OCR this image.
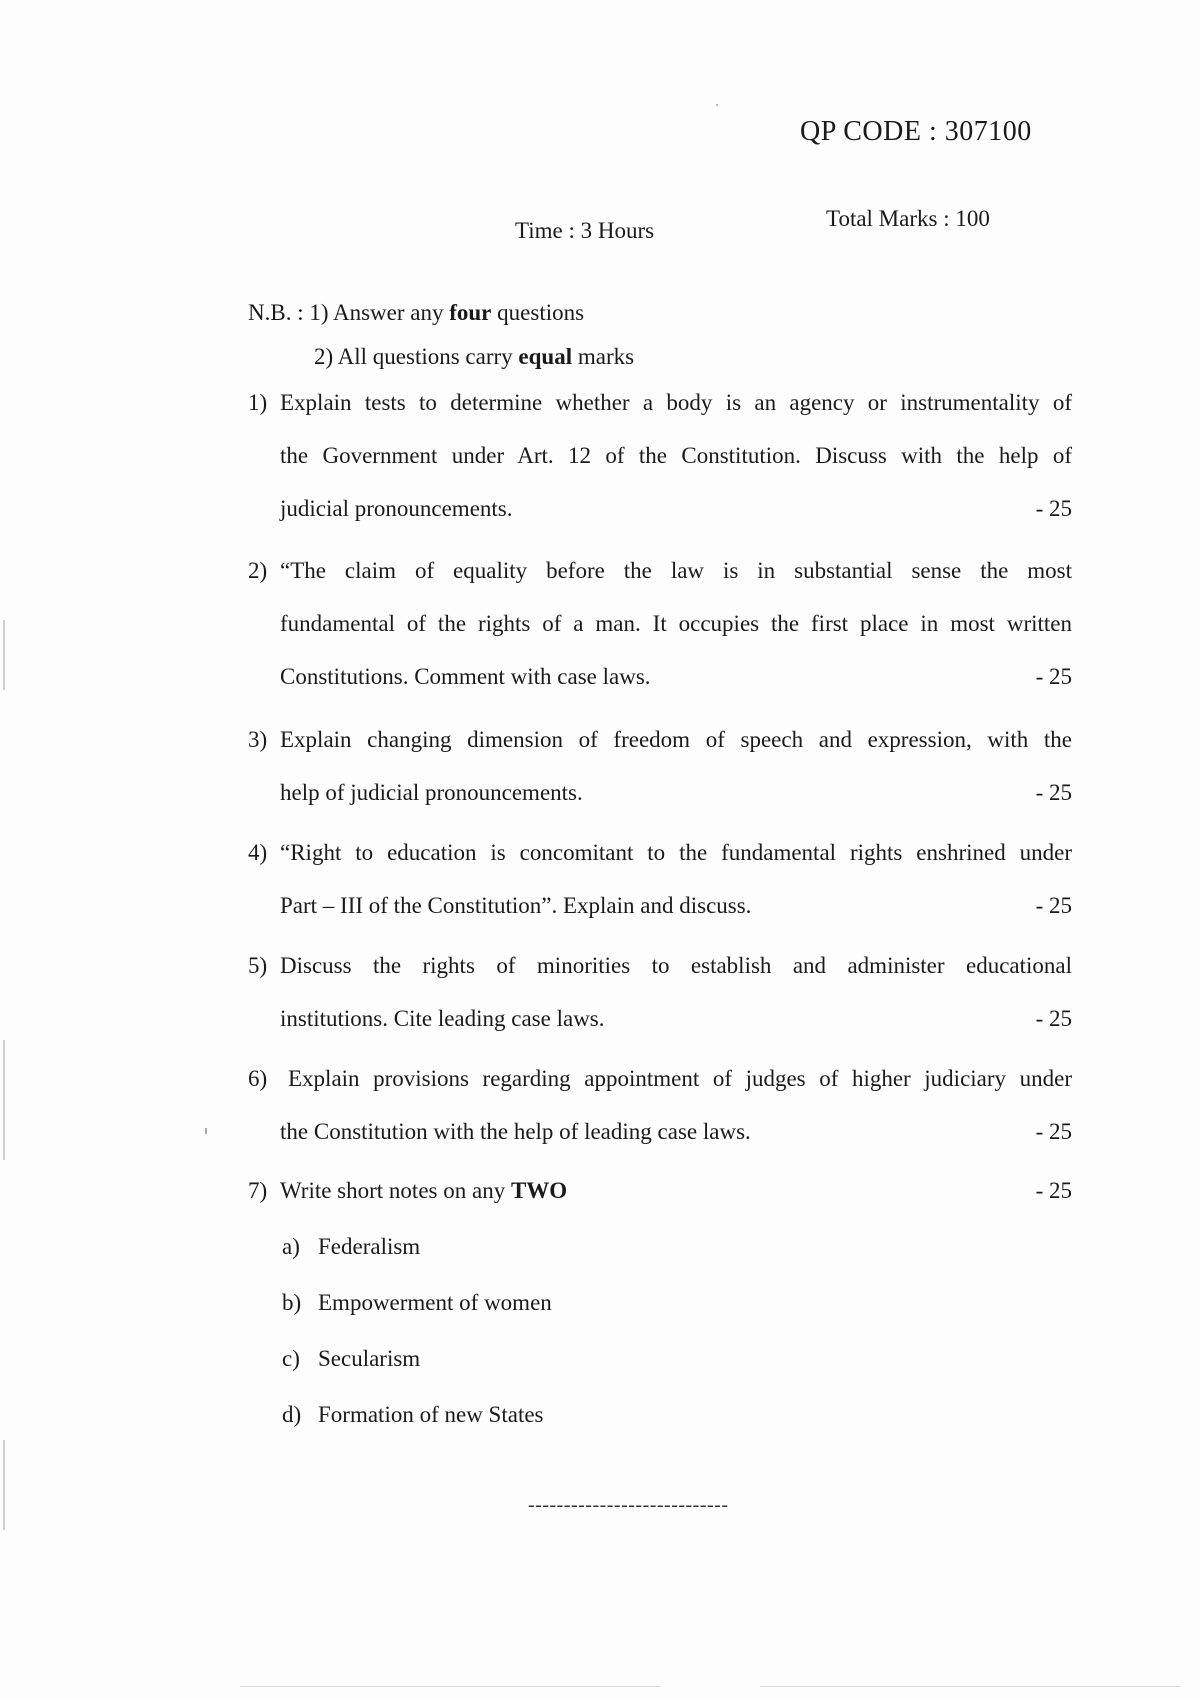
QP CODE : 307100
Time : 3 Hours	Total Marks : 100
N.B. : 1) Answer any four questions
2) All questions carry equal marks
1) Explain tests to determine whether a body is an agency or instrumentality of
the Government under Art. 12 of the Constitution. Discuss with the help of
judicial pronouncements.	- 25
2) “The claim of equality before the law is in substantial sense the most
fundamental of the rights of a man. It occupies the first place in most written
Constitutions. Comment with case laws.	- 25
3) Explain changing dimension of freedom of speech and expression, with the
help of judicial pronouncements.	- 25
4) “Right to education is concomitant to the fundamental rights enshrined under
Part – III of the Constitution”. Explain and discuss.	- 25
5) Discuss the rights of minorities to establish and administer educational
institutions. Cite leading case laws.	- 25
6) Explain provisions regarding appointment of judges of higher judiciary under
the Constitution with the help of leading case laws.	- 25
7) Write short notes on any TWO	- 25
a) Federalism
b) Empowerment of women
c) Secularism
d) Formation of new States
----------------------------
